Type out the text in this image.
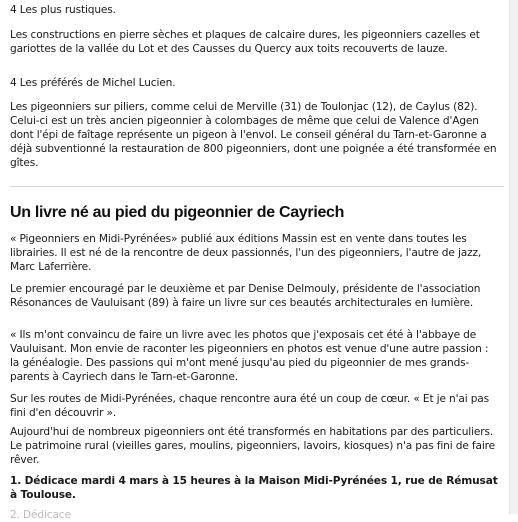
4 Les plus rustiques.

Les constructions en pierre sèches et plaques de calcaire dures, les pigeonniers cazelles et gariottes de la vallée du Lot et des Causses du Quercy aux toits recouverts de lauze.

4 Les préférés de Michel Lucien.

Les pigeonniers sur piliers, comme celui de Merville (31) de Toulonjac (12), de Caylus (82). Celui-ci est un très ancien pigeonnier à colombages de même que celui de Valence d'Agen dont l'épi de faîtage représente un pigeon à l'envol. Le conseil général du Tarn-et-Garonne a déjà subventionné la restauration de 800 pigeonniers, dont une poignée a été transformée en gîtes.

Un livre né au pied du pigeonnier de Cayriech

« Pigeonniers en Midi-Pyrénées» publié aux éditions Massin est en vente dans toutes les librairies. Il est né de la rencontre de deux passionnés, l'un des pigeonniers, l'autre de jazz, Marc Laferrière.

Le premier encouragé par le deuxième et par Denise Delmouly, présidente de l'association Résonances de Vauluisant (89) à faire un livre sur ces beautés architecturales en lumière.

« Ils m'ont convaincu de faire un livre avec les photos que j'exposais cet été à l'abbaye de Vauluisant. Mon envie de raconter les pigeonniers en photos est venue d'une autre passion : la généalogie. Des passions qui m'ont mené jusqu'au pied du pigeonnier de mes grands-parents à Cayriech dans le Tarn-et-Garonne.

Sur les routes de Midi-Pyrénées, chaque rencontre aura été un coup de cœur. « Et je n'ai pas fini d'en découvrir ».

Aujourd'hui de nombreux pigeonniers ont été transformés en habitations par des particuliers. Le patrimoine rural (vieilles gares, moulins, pigeonniers, lavoirs, kiosques) n'a pas fini de faire rêver.

1. Dédicace mardi 4 mars à 15 heures à la Maison Midi-Pyrénées 1, rue de Rémusat à Toulouse.

2. Dédicace
